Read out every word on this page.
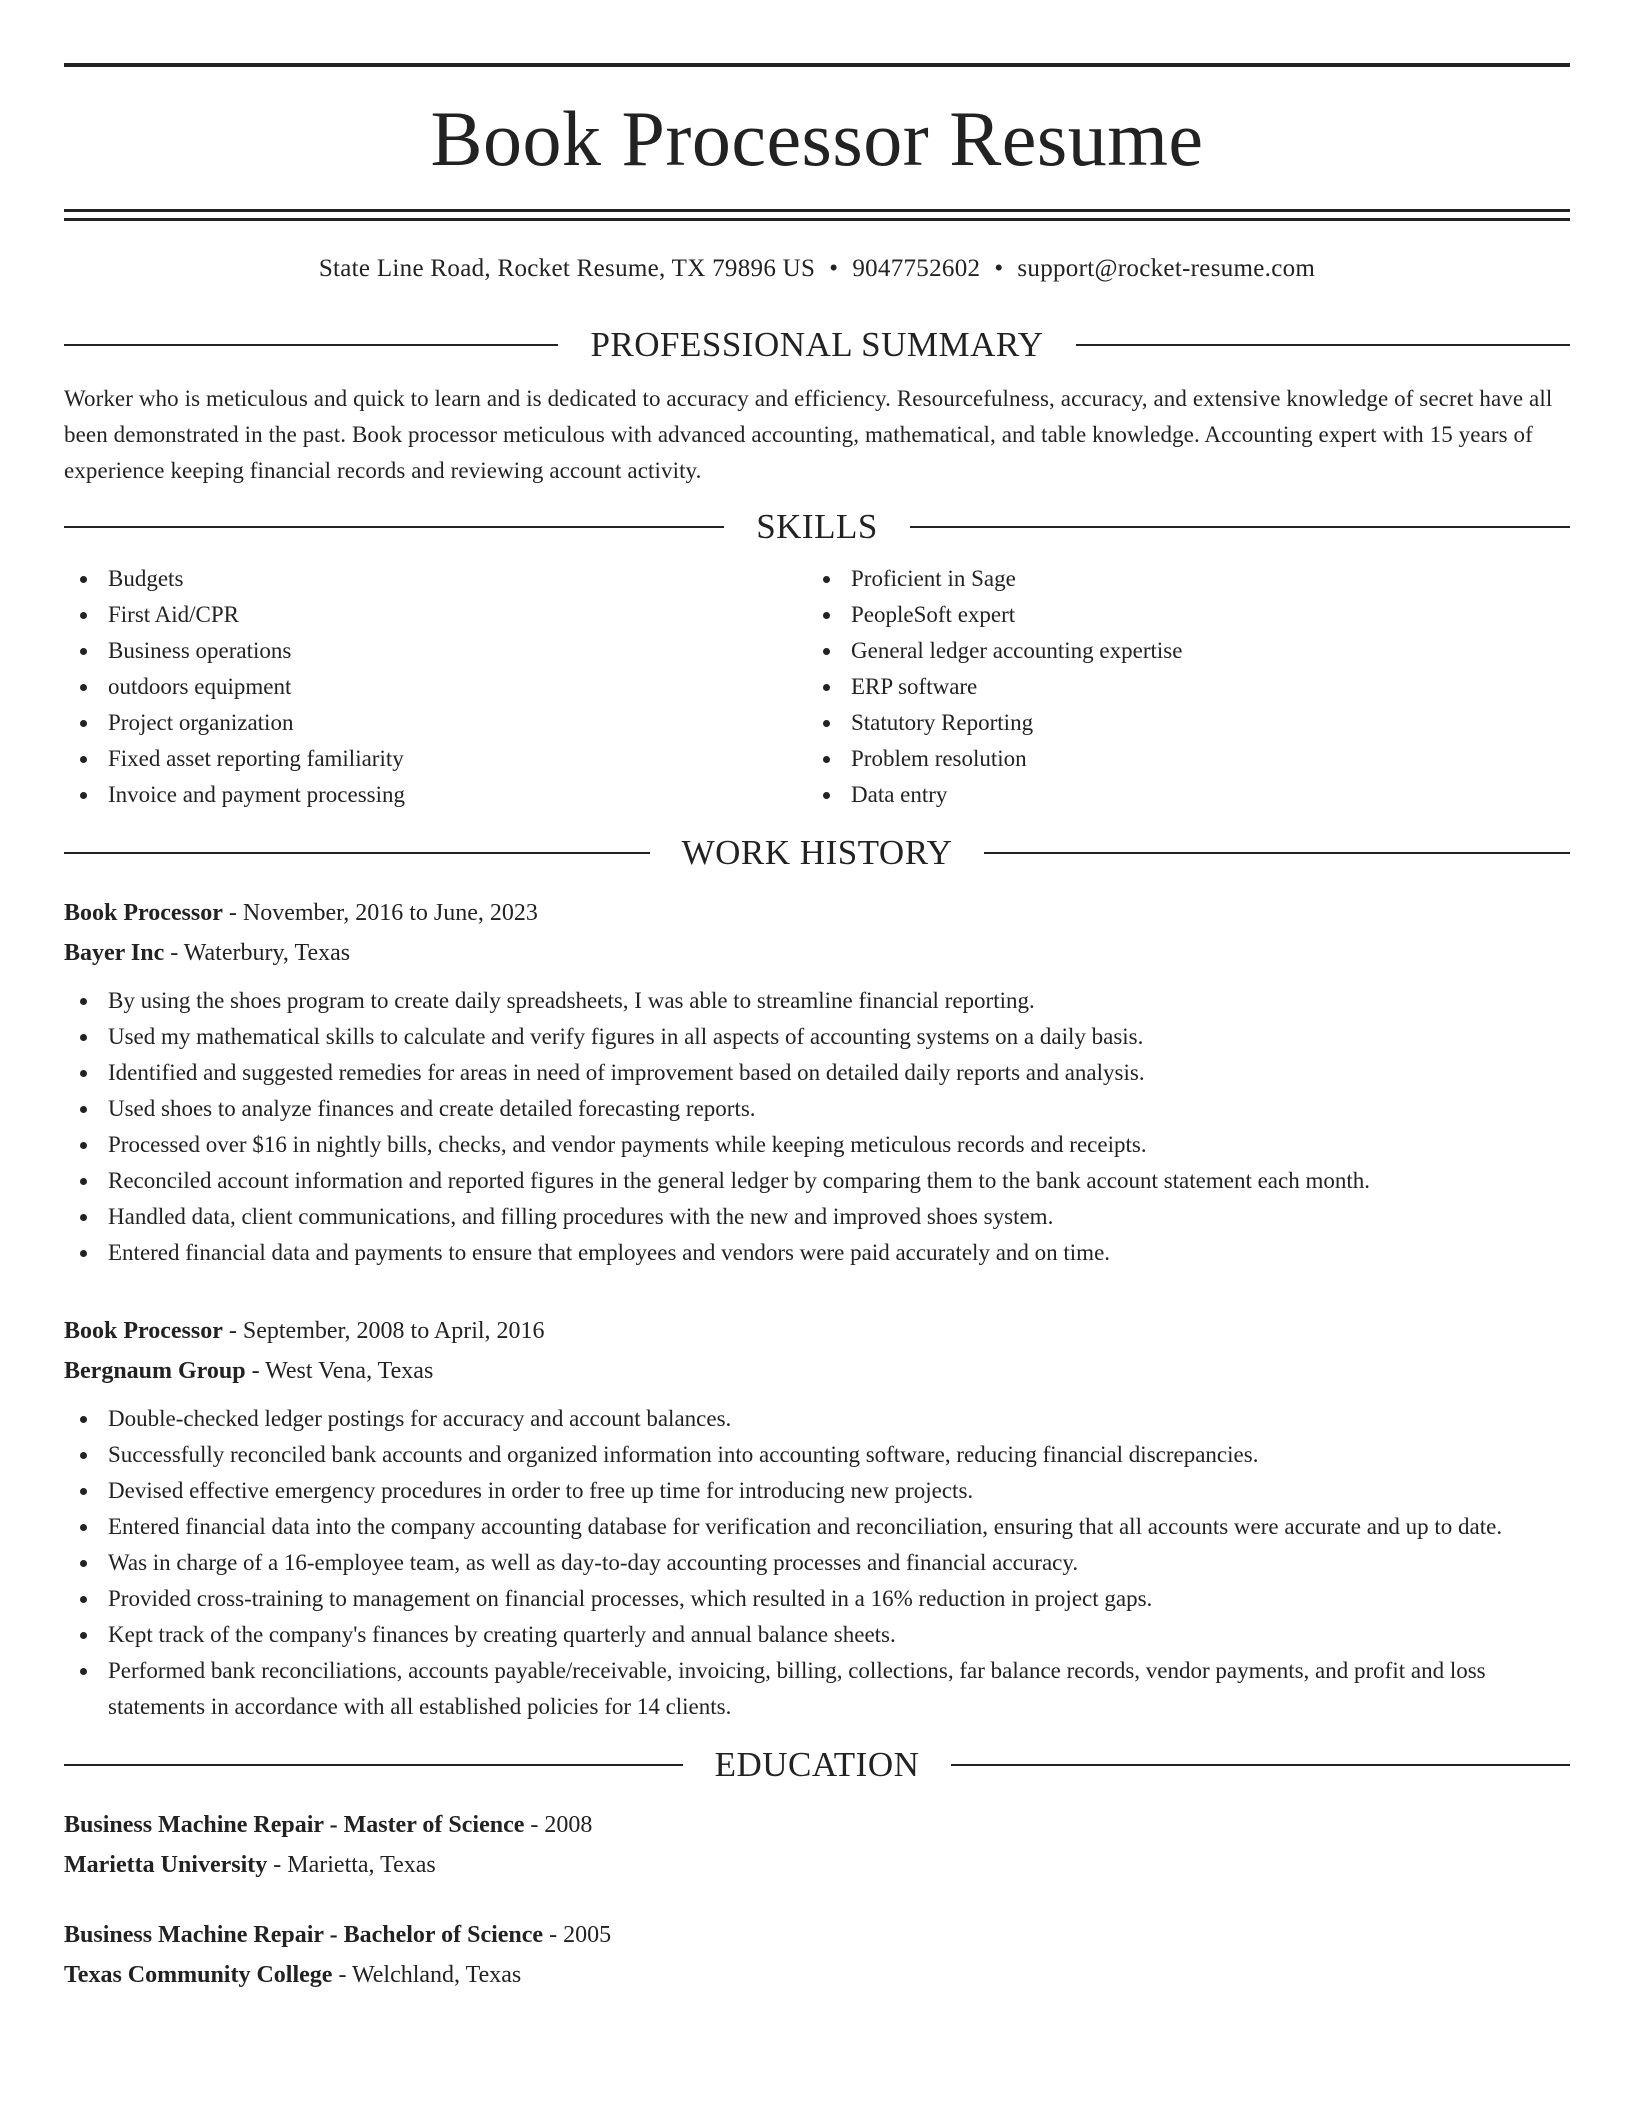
Book Processor Resume
State Line Road, Rocket Resume, TX 79896 US • 9047752602 • support@rocket-resume.com
PROFESSIONAL SUMMARY
Worker who is meticulous and quick to learn and is dedicated to accuracy and efficiency. Resourcefulness, accuracy, and extensive knowledge of secret have all been demonstrated in the past. Book processor meticulous with advanced accounting, mathematical, and table knowledge. Accounting expert with 15 years of experience keeping financial records and reviewing account activity.
SKILLS
Budgets
First Aid/CPR
Business operations
outdoors equipment
Project organization
Fixed asset reporting familiarity
Invoice and payment processing
Proficient in Sage
PeopleSoft expert
General ledger accounting expertise
ERP software
Statutory Reporting
Problem resolution
Data entry
WORK HISTORY
Book Processor - November, 2016 to June, 2023
Bayer Inc - Waterbury, Texas
By using the shoes program to create daily spreadsheets, I was able to streamline financial reporting.
Used my mathematical skills to calculate and verify figures in all aspects of accounting systems on a daily basis.
Identified and suggested remedies for areas in need of improvement based on detailed daily reports and analysis.
Used shoes to analyze finances and create detailed forecasting reports.
Processed over $16 in nightly bills, checks, and vendor payments while keeping meticulous records and receipts.
Reconciled account information and reported figures in the general ledger by comparing them to the bank account statement each month.
Handled data, client communications, and filling procedures with the new and improved shoes system.
Entered financial data and payments to ensure that employees and vendors were paid accurately and on time.
Book Processor - September, 2008 to April, 2016
Bergnaum Group - West Vena, Texas
Double-checked ledger postings for accuracy and account balances.
Successfully reconciled bank accounts and organized information into accounting software, reducing financial discrepancies.
Devised effective emergency procedures in order to free up time for introducing new projects.
Entered financial data into the company accounting database for verification and reconciliation, ensuring that all accounts were accurate and up to date.
Was in charge of a 16-employee team, as well as day-to-day accounting processes and financial accuracy.
Provided cross-training to management on financial processes, which resulted in a 16% reduction in project gaps.
Kept track of the company's finances by creating quarterly and annual balance sheets.
Performed bank reconciliations, accounts payable/receivable, invoicing, billing, collections, far balance records, vendor payments, and profit and loss statements in accordance with all established policies for 14 clients.
EDUCATION
Business Machine Repair - Master of Science - 2008
Marietta University - Marietta, Texas
Business Machine Repair - Bachelor of Science - 2005
Texas Community College - Welchland, Texas
